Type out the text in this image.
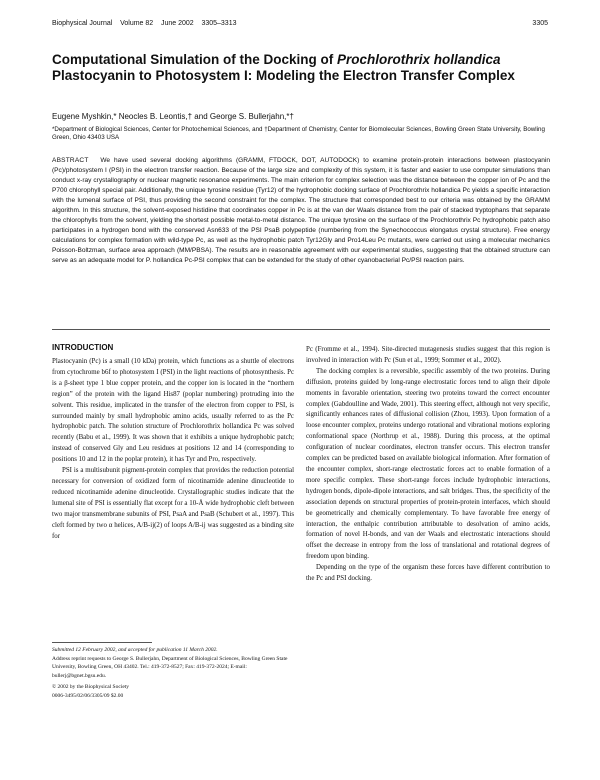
Biophysical Journal Volume 82 June 2002 3305–3313	3305
Computational Simulation of the Docking of Prochlorothrix hollandica
Plastocyanin to Photosystem I: Modeling the Electron Transfer Complex
Eugene Myshkin,* Neocles B. Leontis,† and George S. Bullerjahn,*†
*Department of Biological Sciences, Center for Photochemical Sciences, and †Department of Chemistry, Center for Biomolecular Sciences, Bowling Green State University, Bowling Green, Ohio 43403 USA

ABSTRACT We have used several docking algorithms (GRAMM, FTDOCK, DOT, AUTODOCK) to examine protein-protein interactions between plastocyanin (Pc)/photosystem I (PSI) in the electron transfer reaction. Because of the large size and complexity of this system, it is faster and easier to use computer simulations than conduct x-ray crystallography or nuclear magnetic resonance experiments. The main criterion for complex selection was the distance between the copper ion of Pc and the P700 chlorophyll special pair. Additionally, the unique tyrosine residue (Tyr12) of the hydrophobic docking surface of Prochlorothrix hollandica Pc yields a specific interaction with the lumenal surface of PSI, thus providing the second constraint for the complex. The structure that corresponded best to our criteria was obtained by the GRAMM algorithm. In this structure, the solvent-exposed histidine that coordinates copper in Pc is at the van der Waals distance from the pair of stacked tryptophans that separate the chlorophylls from the solvent, yielding the shortest possible metal-to-metal distance. The unique tyrosine on the surface of the Prochlorothrix Pc hydrophobic patch also participates in a hydrogen bond with the conserved Asn633 of the PSI PsaB polypeptide (numbering from the Synechococcus elongatus crystal structure). Free energy calculations for complex formation with wild-type Pc, as well as the hydrophobic patch Tyr12Gly and Pro14Leu Pc mutants, were carried out using a molecular mechanics Poisson-Boltzman, surface area approach (MM/PBSA). The results are in reasonable agreement with our experimental studies, suggesting that the obtained structure can serve as an adequate model for P. hollandica Pc-PSI complex that can be extended for the study of other cyanobacterial Pc/PSI reaction pairs.

INTRODUCTION

Plastocyanin (Pc) is a small (10 kDa) protein, which functions as a shuttle of electrons from cytochrome b6f to photosystem I (PSI) in the light reactions of photosynthesis. Pc is a β-sheet type 1 blue copper protein, and the copper ion is located in the “northern region” of the protein with the ligand His87 (poplar numbering) protruding into the solvent. This residue, implicated in the transfer of the electron from copper to PSI, is surrounded mainly by small hydrophobic amino acids, usually referred to as the Pc hydrophobic patch. The solution structure of Prochlorothrix hollandica Pc was solved recently (Babu et al., 1999). It was shown that it exhibits a unique hydrophobic patch; instead of conserved Gly and Leu residues at positions 12 and 14 (corresponding to positions 10 and 12 in the poplar protein), it has Tyr and Pro, respectively.

PSI is a multisubunit pigment-protein complex that provides the reduction potential necessary for conversion of oxidized form of nicotinamide adenine dinucleotide to reduced nicotinamide adenine dinucleotide. Crystallographic studies indicate that the lumenal site of PSI is essentially flat except for a 10-Å wide hydrophobic cleft between two major transmembrane subunits of PSI, PsaA and PsaB (Schubert et al., 1997). This cleft formed by two α helices, A/B-ij(2) of loops A/B-ij was suggested as a binding site for

Pc (Fromme et al., 1994). Site-directed mutagenesis studies suggest that this region is involved in interaction with Pc (Sun et al., 1999; Sommer et al., 2002).

The docking complex is a reversible, specific assembly of the two proteins. During diffusion, proteins guided by long-range electrostatic forces tend to align their dipole moments in favorable orientation, steering two proteins toward the correct encounter complex (Gabdoulline and Wade, 2001). This steering effect, although not very specific, significantly enhances rates of diffusional collision (Zhou, 1993). Upon formation of a loose encounter complex, proteins undergo rotational and vibrational motions exploring conformational space (Northrup et al., 1988). During this process, at the optimal configuration of nuclear coordinates, electron transfer occurs. This electron transfer complex can be predicted based on available biological information. After formation of the encounter complex, short-range electrostatic forces act to enable formation of a more specific complex. These short-range forces include hydrophobic interactions, hydrogen bonds, dipole-dipole interactions, and salt bridges. Thus, the specificity of the association depends on structural properties of protein-protein interfaces, which should be geometrically and chemically complementary. To have favorable free energy of interaction, the enthalpic contribution attributable to desolvation of amino acids, formation of novel H-bonds, and van der Waals and electrostatic interactions should offset the decrease in entropy from the loss of translational and rotational degrees of freedom upon binding.

Depending on the type of the organism these forces have different contribution to the Pc and PSI docking.

Submitted 12 February 2002, and accepted for publication 11 March 2002.
Address reprint requests to George S. Bullerjahn, Department of Biological Sciences, Bowling Green State University, Bowling Green, OH 43402. Tel.: 419-372-8527; Fax: 419-372-2024; E-mail: bullerj@bgnet.bgsu.edu.
© 2002 by the Biophysical Society
0006-3495/02/06/3305/09 $2.00
